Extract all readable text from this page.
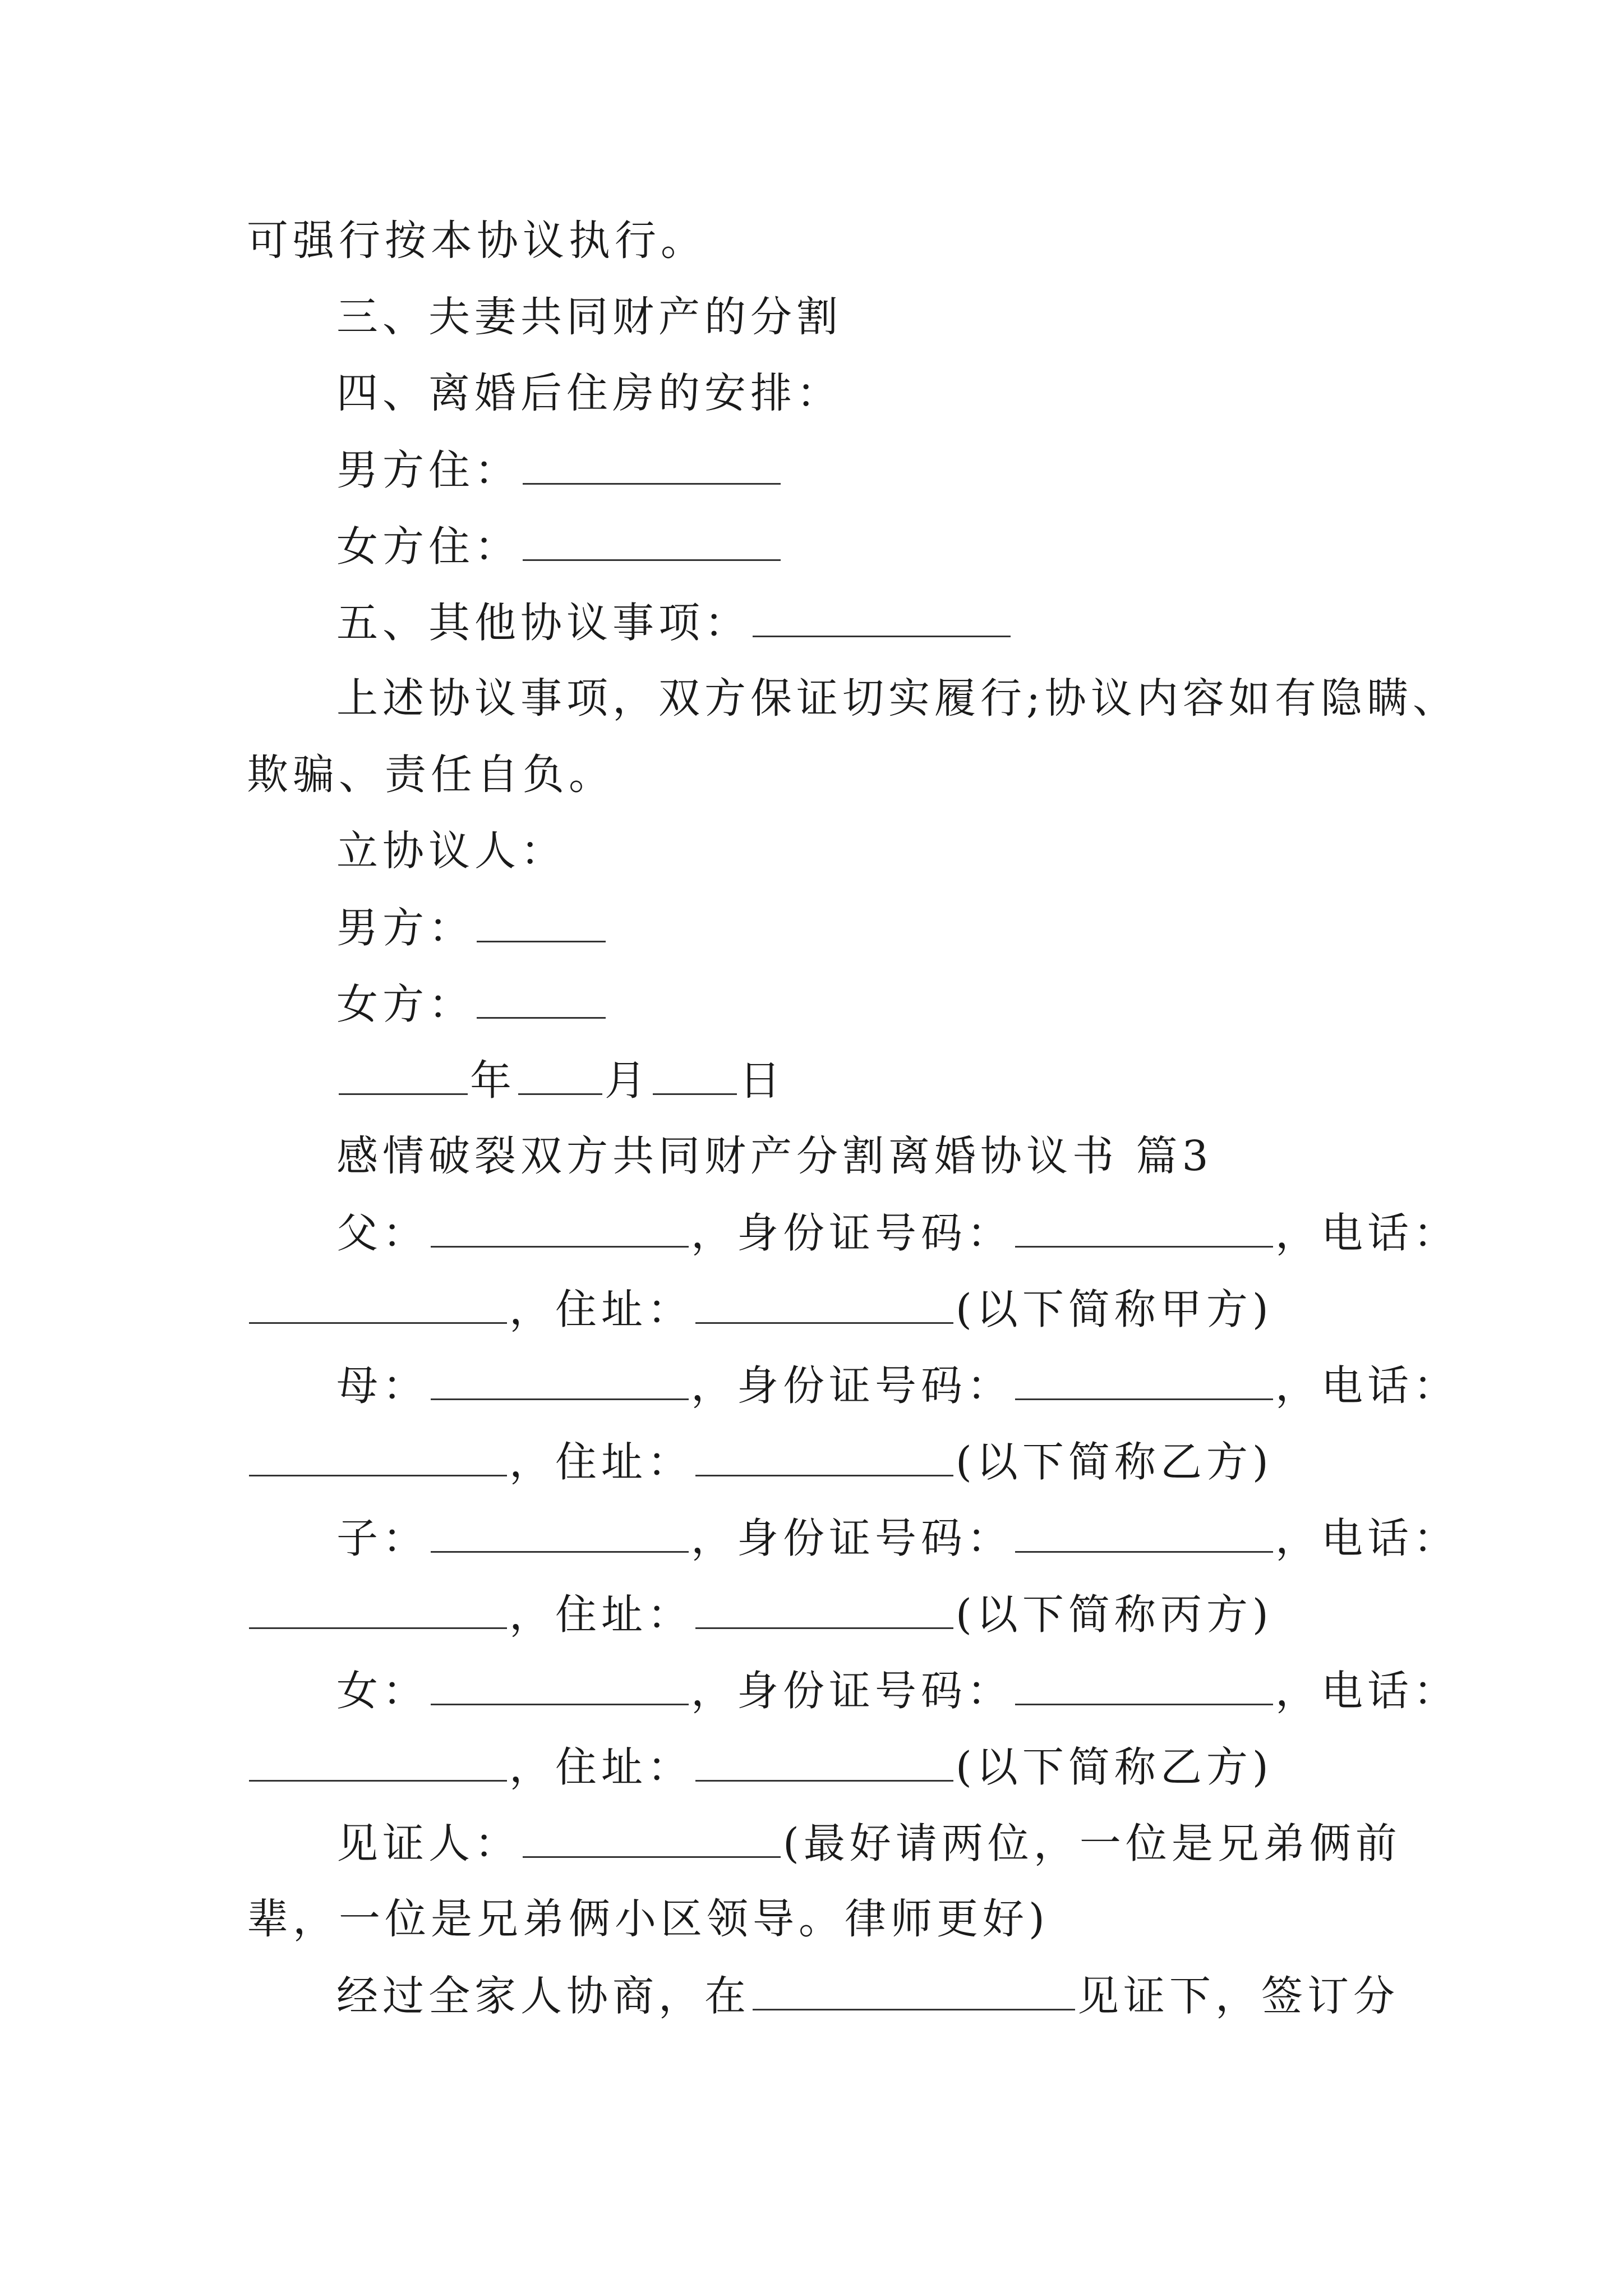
可强行按本协议执行。
三、夫妻共同财产的分割
四、离婚后住房的安排：
男方住：
女方住：
五、其他协议事项：
上述协议事项，双方保证切实履行;协议内容如有隐瞒、
欺骗、责任自负。
立协议人：
男方：
女方：
年 月 日
感情破裂双方共同财产分割离婚协议书 篇3
父：	，身份证号码：	，电话：
，住址：	(以下简称甲方)
母：	，身份证号码：	，电话：
，住址：	(以下简称乙方)
子：	，身份证号码：	，电话：
，住址：	(以下简称丙方)
女：	，身份证号码：	，电话：
，住址：	(以下简称乙方)
见证人：	(最好请两位，一位是兄弟俩前
辈，一位是兄弟俩小区领导。律师更好)
经过全家人协商，在	见证下，签订分
